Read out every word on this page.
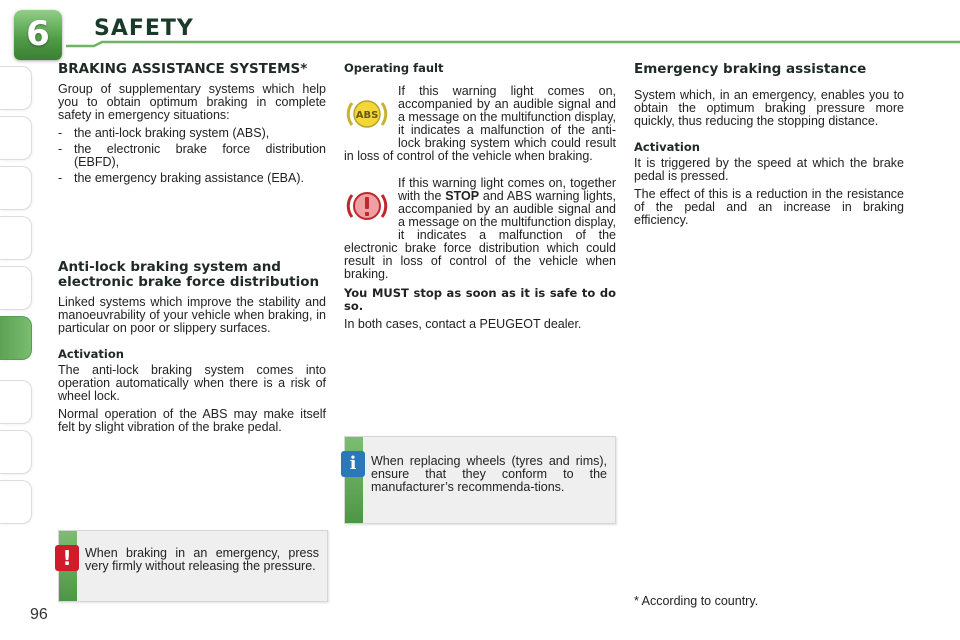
6	SAFETY
BRAKING ASSISTANCE SYSTEMS*

Group of supplementary systems which help you to obtain optimum braking in complete safety in emergency situations:

- the anti-lock braking system (ABS),
- the electronic brake force distribution (EBFD),
- the emergency braking assistance (EBA).
Anti-lock braking system and electronic brake force distribution

Linked systems which improve the stability and manoeuvrability of your vehicle when braking, in particular on poor or slippery surfaces.

Activation

The anti-lock braking system comes into operation automatically when there is a risk of wheel lock.

Normal operation of the ABS may make itself felt by slight vibration of the brake pedal.

Operating fault
ABS

If this warning light comes on, accompanied by an audible signal and a message on the multifunction display, it indicates a malfunction of the anti-lock braking system which could result in loss of control of the vehicle when braking.

If this warning light comes on, together with the STOP and ABS warning lights, accompanied by an audible signal and a message on the multifunction display, it indicates a malfunction of the electronic brake force distribution which could result in loss of control of the vehicle when braking.

You MUST stop as soon as it is safe to do so.

In both cases, contact a PEUGEOT dealer.

Emergency braking assistance

System which, in an emergency, enables you to obtain the optimum braking pressure more quickly, thus reducing the stopping distance.

Activation

It is triggered by the speed at which the brake pedal is pressed.

The effect of this is a reduction in the resistance of the pedal and an increase in braking efficiency.

i	When replacing wheels (tyres and rims), ensure that they conform to the manufacturer’s recommenda-tions.
!	When braking in an emergency, press very firmly without releasing the pressure.
* According to country.
96
